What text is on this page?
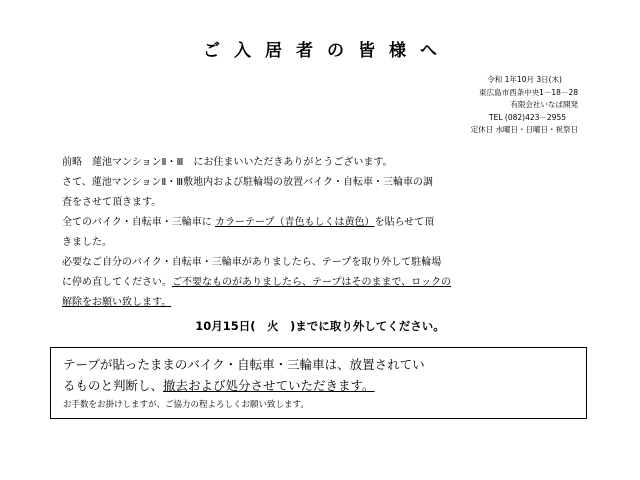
ご入居者の皆様へ
令和 1年10月 3日(木)
東広島市西条中央1－18－28
有限会社いなば開発
TEL (082)423－2955
定休日 水曜日・日曜日・祝祭日

前略　蓮池マンションⅡ・Ⅲ　にお住まいいただきありがとうございます。

さて、蓮池マンションⅡ・Ⅲ敷地内および駐輪場の放置バイク・自転車・三輪車の調

査をさせて頂きます。

全てのバイク・自転車・三輪車に カラーテープ（青色もしくは黄色）を貼らせて頂

きました。

必要なご自分のバイク・自転車・三輪車がありましたら、テープを取り外して駐輪場

に停め直してください。ご不要なものがありましたら、テープはそのままで、ロックの

解除をお願い致します。

10月15日(　火　)までに取り外してください。

テープが貼ったままのバイク・自転車・三輪車は、放置されてい

るものと判断し、撤去および処分させていただきます。

お手数をお掛けしますが、ご協力の程よろしくお願い致します。
